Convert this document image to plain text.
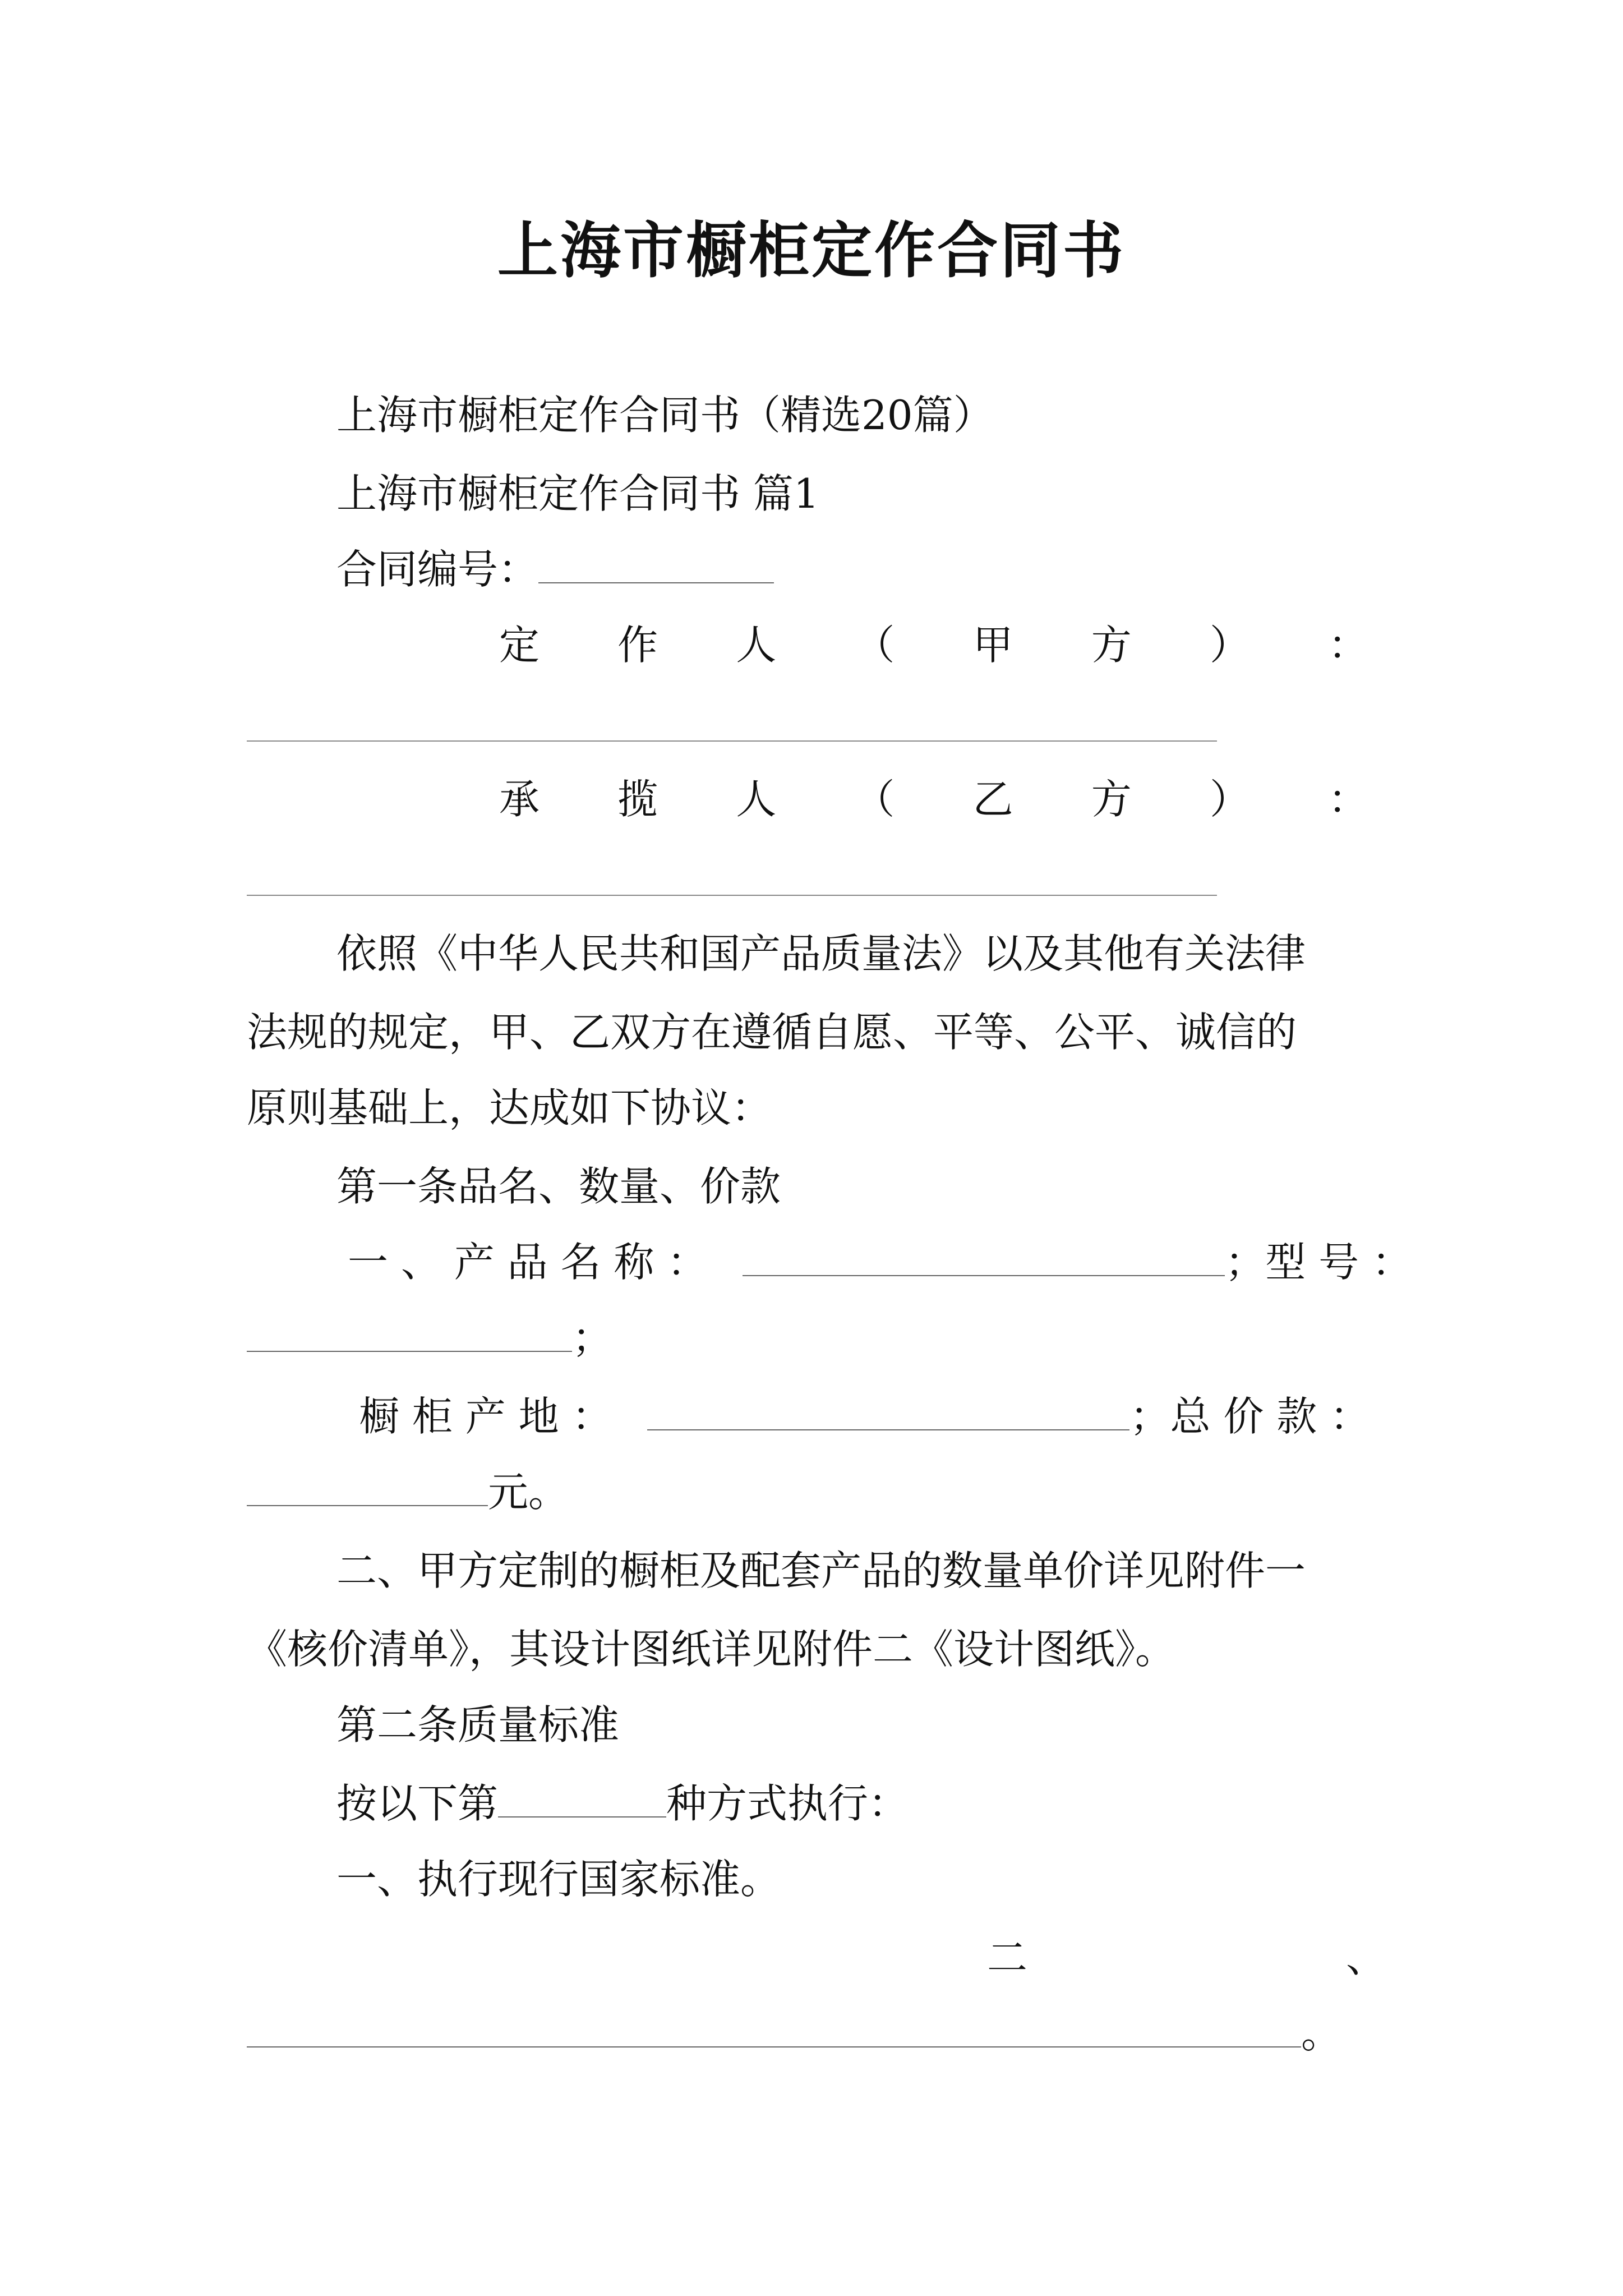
上海市橱柜定作合同书
上海市橱柜定作合同书（精选20篇）
上海市橱柜定作合同书 篇1
合同编号：
定 作 人 （ 甲 方 ） ：
承 揽 人 （ 乙 方 ） ：
依照《中华人民共和国产品质量法》以及其他有关法律
法规的规定，甲、乙双方在遵循自愿、平等、公平、诚信的
原则基础上，达成如下协议：
第一条品名、数量、价款
一 、 产 品 名 称 ：	；型 号 ：
；
橱 柜 产 地 ：	；总 价 款 ：
元。
二、甲方定制的橱柜及配套产品的数量单价详见附件一
《核价清单》，其设计图纸详见附件二《设计图纸》。
第二条质量标准
按以下第	种方式执行：
一、执行现行国家标准。
二	、
。
